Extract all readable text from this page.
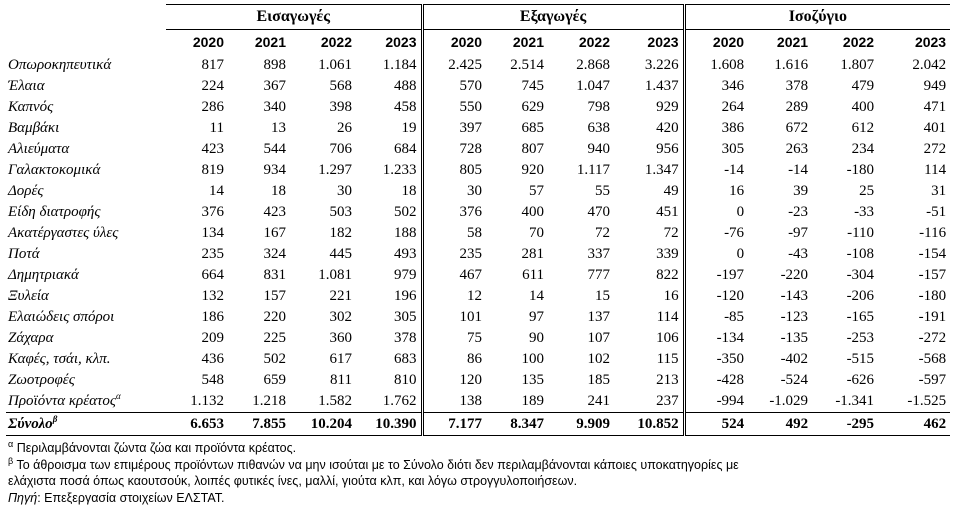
	Εισαγωγές				Εξαγωγές				Ισοζύγιο			
	2020	2021	2022	2023	2020	2021	2022	2023	2020	2021	2022	2023
Οπωροκηπευτικά	817	898	1.061	1.184	2.425	2.514	2.868	3.226	1.608	1.616	1.807	2.042
Έλαια	224	367	568	488	570	745	1.047	1.437	346	378	479	949
Καπνός	286	340	398	458	550	629	798	929	264	289	400	471
Βαμβάκι	11	13	26	19	397	685	638	420	386	672	612	401
Αλιεύματα	423	544	706	684	728	807	940	956	305	263	234	272
Γαλακτοκομικά	819	934	1.297	1.233	805	920	1.117	1.347	-14	-14	-180	114
Δορές	14	18	30	18	30	57	55	49	16	39	25	31
Είδη διατροφής	376	423	503	502	376	400	470	451	0	-23	-33	-51
Ακατέργαστες ύλες	134	167	182	188	58	70	72	72	-76	-97	-110	-116
Ποτά	235	324	445	493	235	281	337	339	0	-43	-108	-154
Δημητριακά	664	831	1.081	979	467	611	777	822	-197	-220	-304	-157
Ξυλεία	132	157	221	196	12	14	15	16	-120	-143	-206	-180
Ελαιώδεις σπόροι	186	220	302	305	101	97	137	114	-85	-123	-165	-191
Ζάχαρα	209	225	360	378	75	90	107	106	-134	-135	-253	-272
Καφές, τσάι, κλπ.	436	502	617	683	86	100	102	115	-350	-402	-515	-568
Ζωοτροφές	548	659	811	810	120	135	185	213	-428	-524	-626	-597
Προϊόντα κρέατος$^\alpha$	1.132	1.218	1.582	1.762	138	189	241	237	-994	-1.029	-1.341	-1.525
Σύνολο$^\beta$	6.653	7.855	10.204	10.390	7.177	8.347	9.909	10.852	524	492	-295	462
$^\alpha$ Περιλαμβάνονται ζώντα ζώα και προϊόντα κρέατος.
$^\beta$ Το άθροισμα των επιμέρους προϊόντων πιθανών να μην ισούται με το Σύνολο διότι δεν περιλαμβάνονται κάποιες υποκατηγορίες με
ελάχιστα ποσά όπως καουτσούκ, λοιπές φυτικές ίνες, μαλλί, γιούτα κλπ, και λόγω στρογγυλοποιήσεων.
Πηγή: Επεξεργασία στοιχείων ΕΛΣΤΑΤ.
